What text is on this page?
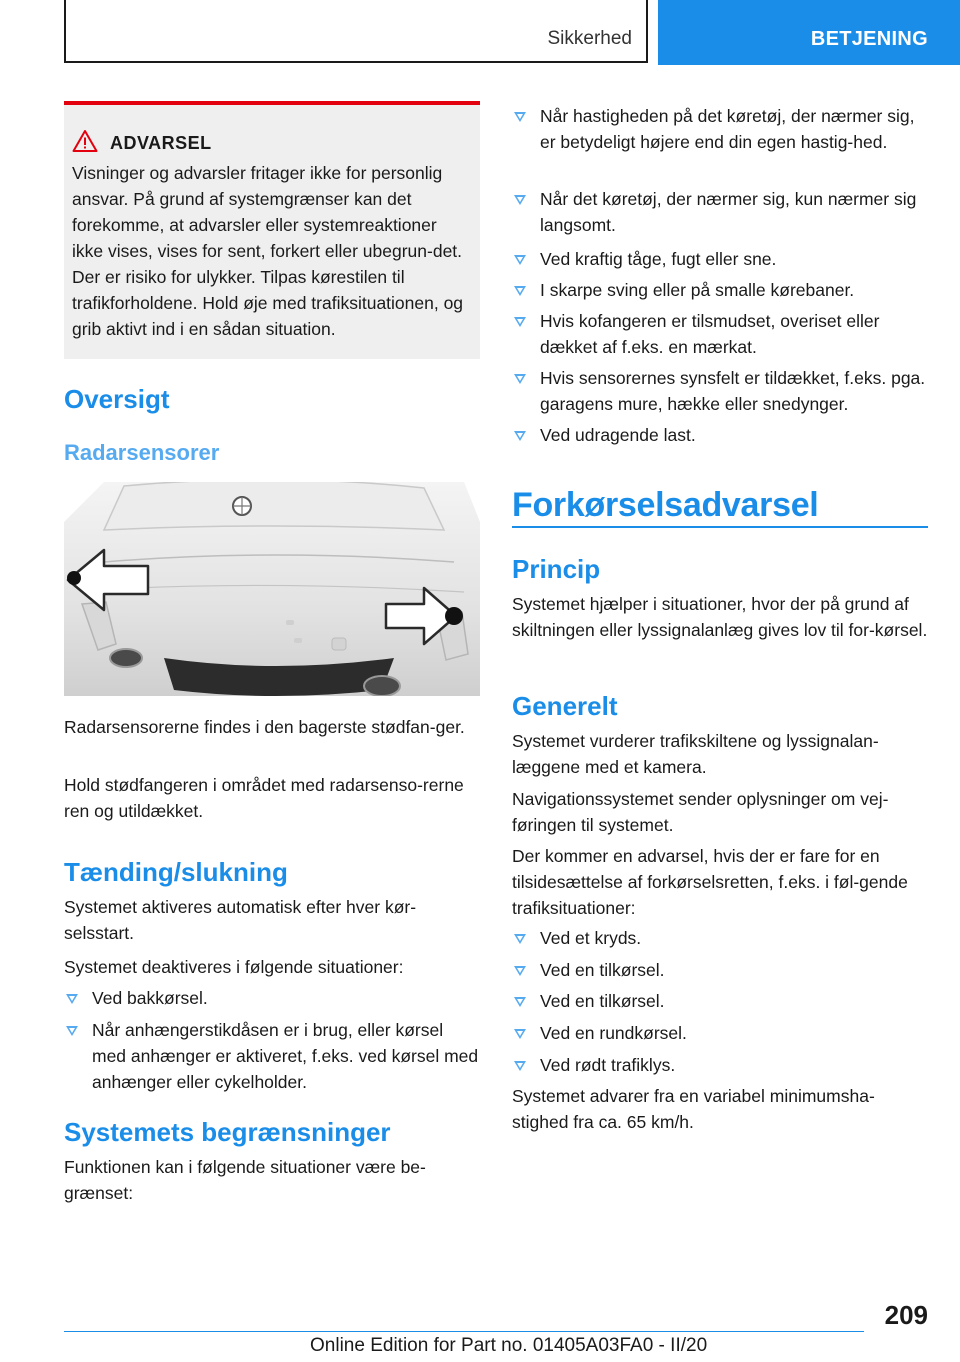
Sikkerhed	BETJENING
ADVARSEL
Visninger og advarsler fritager ikke for personlig ansvar. På grund af systemgrænser kan det forekomme, at advarsler eller systemreaktioner ikke vises, vises for sent, forkert eller ubegrun-det. Der er risiko for ulykker. Tilpas kørestilen til trafikforholdene. Hold øje med trafiksituationen, og grib aktivt ind i en sådan situation.
Oversigt
Radarsensorer
Radarsensorerne findes i den bagerste stødfan-ger.
Hold stødfangeren i området med radarsenso-rerne ren og utildækket.
Tænding/slukning
Systemet aktiveres automatisk efter hver kør-selsstart.
Systemet deaktiveres i følgende situationer:
Ved bakkørsel.
Når anhængerstikdåsen er i brug, eller kørsel med anhænger er aktiveret, f.eks. ved kørsel med anhænger eller cykelholder.
Systemets begrænsninger
Funktionen kan i følgende situationer være be-grænset:
Når hastigheden på det køretøj, der nærmer sig, er betydeligt højere end din egen hastig-hed.
Når det køretøj, der nærmer sig, kun nærmer sig langsomt.
Ved kraftig tåge, fugt eller sne.
I skarpe sving eller på smalle kørebaner.
Hvis kofangeren er tilsmudset, overiset eller dækket af f.eks. en mærkat.
Hvis sensorernes synsfelt er tildækket, f.eks. pga. garagens mure, hække eller snedynger.
Ved udragende last.
Forkørselsadvarsel
Princip
Systemet hjælper i situationer, hvor der på grund af skiltningen eller lyssignalanlæg gives lov til for-kørsel.
Generelt
Systemet vurderer trafikskiltene og lyssignalan-læggene med et kamera.
Navigationssystemet sender oplysninger om vej-føringen til systemet.
Der kommer en advarsel, hvis der er fare for en tilsidesættelse af forkørselsretten, f.eks. i føl-gende trafiksituationer:
Ved et kryds.
Ved en tilkørsel.
Ved en tilkørsel.
Ved en rundkørsel.
Ved rødt trafiklys.
Systemet advarer fra en variabel minimumsha-stighed fra ca. 65 km/h.
209
Online Edition for Part no. 01405A03FA0 - II/20
